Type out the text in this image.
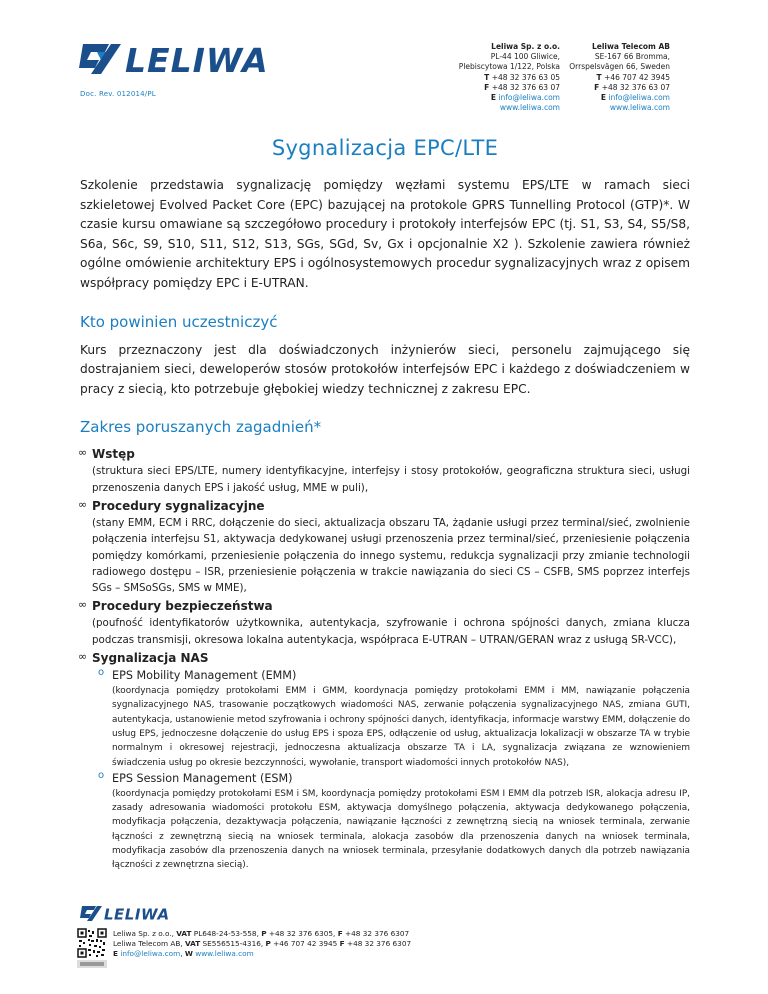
LELIWA
Doc. Rev. 012014/PL
Leliwa Sp. z o.o.
PL-44 100 Gliwice,
Plebiscytowa 1/122, Polska
T +48 32 376 63 05
F +48 32 376 63 07
E info@leliwa.com
www.leliwa.com
Leliwa Telecom AB
SE-167 66 Bromma,
Orrspelsvägen 66, Sweden
T +46 707 42 3945
F +48 32 376 63 07
E info@leliwa.com
www.leliwa.com
Sygnalizacja EPC/LTE

Szkolenie przedstawia sygnalizację pomiędzy węzłami systemu EPS/LTE w ramach sieci szkieletowej Evolved Packet Core (EPC) bazującej na protokole GPRS Tunnelling Protocol (GTP)*. W czasie kursu omawiane są szczegółowo procedury i protokoły interfejsów EPC (tj. S1, S3, S4, S5/S8, S6a, S6c, S9, S10, S11, S12, S13, SGs, SGd, Sv, Gx i opcjonalnie X2 ). Szkolenie zawiera również ogólne omówienie architektury EPS i ogólnosystemowych procedur sygnalizacyjnych wraz z opisem współpracy pomiędzy EPC i E-UTRAN.

Kto powinien uczestniczyć

Kurs przeznaczony jest dla doświadczonych inżynierów sieci, personelu zajmującego się dostrajaniem sieci, deweloperów stosów protokołów interfejsów EPC i każdego z doświadczeniem w pracy z siecią, kto potrzebuje głębokiej wiedzy technicznej z zakresu EPC.

Zakres poruszanych zagadnień*
∞ Wstęp
(struktura sieci EPS/LTE, numery identyfikacyjne, interfejsy i stosy protokołów, geograficzna struktura sieci, usługi przenoszenia danych EPS i jakość usług, MME w puli),
∞ Procedury sygnalizacyjne
(stany EMM, ECM i RRC, dołączenie do sieci, aktualizacja obszaru TA, żądanie usługi przez terminal/sieć, zwolnienie połączenia interfejsu S1, aktywacja dedykowanej usługi przenoszenia przez terminal/sieć, przeniesienie połączenia pomiędzy komórkami, przeniesienie połączenia do innego systemu, redukcja sygnalizacji przy zmianie technologii radiowego dostępu – ISR, przeniesienie połączenia w trakcie nawiązania do sieci CS – CSFB, SMS poprzez interfejs SGs – SMSoSGs, SMS w MME),
∞ Procedury bezpieczeństwa
(poufność identyfikatorów użytkownika, autentykacja, szyfrowanie i ochrona spójności danych, zmiana klucza podczas transmisji, okresowa lokalna autentykacja, współpraca E-UTRAN – UTRAN/GERAN wraz z usługą SR-VCC),
∞ Sygnalizacja NAS
o EPS Mobility Management (EMM)
(koordynacja pomiędzy protokołami EMM i GMM, koordynacja pomiędzy protokołami EMM i MM, nawiązanie połączenia sygnalizacyjnego NAS, trasowanie początkowych wiadomości NAS, zerwanie połączenia sygnalizacyjnego NAS, zmiana GUTI, autentykacja, ustanowienie metod szyfrowania i ochrony spójności danych, identyfikacja, informacje warstwy EMM, dołączenie do usług EPS, jednoczesne dołączenie do usług EPS i spoza EPS, odłączenie od usług, aktualizacja lokalizacji w obszarze TA w trybie normalnym i okresowej rejestracji, jednoczesna aktualizacja obszarze TA i LA, sygnalizacja związana ze wznowieniem świadczenia usług po okresie bezczynności, wywołanie, transport wiadomości innych protokołów NAS),
o EPS Session Management (ESM)
(koordynacja pomiędzy protokołami ESM i SM, koordynacja pomiędzy protokołami ESM I EMM dla potrzeb ISR, alokacja adresu IP, zasady adresowania wiadomości protokołu ESM, aktywacja domyślnego połączenia, aktywacja dedykowanego połączenia, modyfikacja połączenia, dezaktywacja połączenia, nawiązanie łączności z zewnętrzną siecią na wniosek terminala, zerwanie łączności z zewnętrzną siecią na wniosek terminala, alokacja zasobów dla przenoszenia danych na wniosek terminala, modyfikacja zasobów dla przenoszenia danych na wniosek terminala, przesyłanie dodatkowych danych dla potrzeb nawiązania łączności z zewnętrzna siecią).
LELIWA
Leliwa Sp. z o.o., VAT PL648-24-53-558, P +48 32 376 6305, F +48 32 376 6307
Leliwa Telecom AB, VAT SE556515-4316, P +46 707 42 3945 F +48 32 376 6307
E info@leliwa.com, W www.leliwa.com
